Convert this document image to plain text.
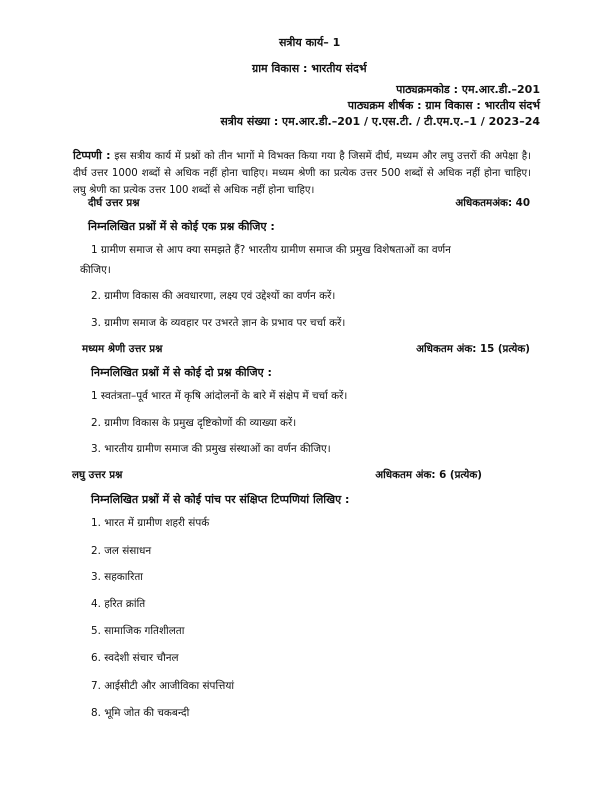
सत्रीय कार्य– 1
ग्राम विकास : भारतीय संदर्भ
पाठ्यक्रमकोड : एम.आर.डी.–201
पाठ्यक्रम शीर्षक : ग्राम विकास : भारतीय संदर्भ
सत्रीय संख्या : एम.आर.डी.–201 / ए.एस.टी. / टी.एम.ए.–1 / 2023–24
टिप्पणी : इस सत्रीय कार्य में प्रश्नों को तीन भागों मे विभक्त किया गया है जिसमें दीर्घ, मध्यम और लघु उत्तरों की अपेक्षा है। दीर्घ उत्तर 1000 शब्दों से अधिक नहीं होना चाहिए। मध्यम श्रेणी का प्रत्येक उत्तर 500 शब्दों से अधिक नहीं होना चाहिए। लघु श्रेणी का प्रत्येक उत्तर 100 शब्दों से अधिक नहीं होना चाहिए।
दीर्घ उत्तर प्रश्न	अधिकतमअंक: 40
निम्नलिखित प्रश्नों में से कोई एक प्रश्न कीजिए :
1 ग्रामीण समाज से आप क्या समझते हैं? भारतीय ग्रामीण समाज की प्रमुख विशेषताओं का वर्णन
कीजिए।
2. ग्रामीण विकास की अवधारणा, लक्ष्य एवं उद्देश्यों का वर्णन करें।
3. ग्रामीण समाज के व्यवहार पर उभरते ज्ञान के प्रभाव पर चर्चा करें।
मध्यम श्रेणी उत्तर प्रश्न	अधिकतम अंक: 15 (प्रत्येक)
निम्नलिखित प्रश्नों में से कोई दो प्रश्न कीजिए :
1 स्वतंत्रता–पूर्व भारत में कृषि आंदोलनों के बारे में संक्षेप में चर्चा करें।
2. ग्रामीण विकास के प्रमुख दृष्टिकोणों की व्याख्या करें।
3. भारतीय ग्रामीण समाज की प्रमुख संस्थाओं का वर्णन कीजिए।
लघु उत्तर प्रश्न	अधिकतम अंक: 6 (प्रत्येक)
निम्नलिखित प्रश्नों में से कोई पांच पर संक्षिप्त टिप्पणियां लिखिए :
1. भारत में ग्रामीण शहरी संपर्क
2. जल संसाधन
3. सहकारिता
4. हरित क्रांति
5. सामाजिक गतिशीलता
6. स्वदेशी संचार चौनल
7. आईसीटी और आजीविका संपत्तियां
8. भूमि जोत की चकबन्दी
